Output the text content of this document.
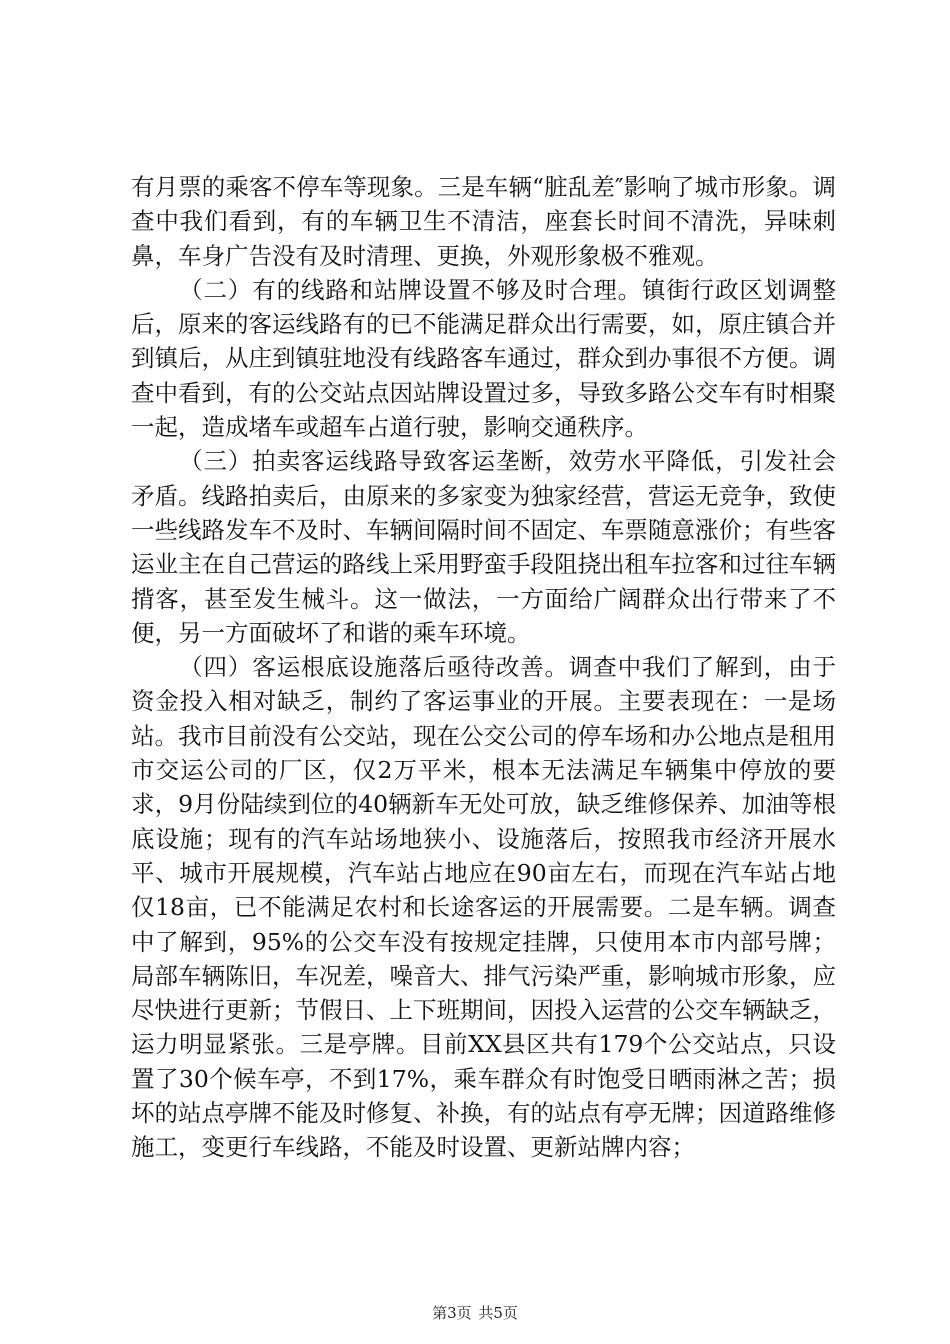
有月票的乘客不停车等现象。三是车辆“脏乱差″影响了城市形象。调查中我们看到，有的车辆卫生不清洁，座套长时间不清洗，异味刺鼻，车身广告没有及时清理、更换，外观形象极不雅观。

（二）有的线路和站牌设置不够及时合理。镇街行政区划调整后，原来的客运线路有的已不能满足群众出行需要，如，原庄镇合并到镇后，从庄到镇驻地没有线路客车通过，群众到办事很不方便。调查中看到，有的公交站点因站牌设置过多，导致多路公交车有时相聚一起，造成堵车或超车占道行驶，影响交通秩序。

（三）拍卖客运线路导致客运垄断，效劳水平降低，引发社会矛盾。线路拍卖后，由原来的多家变为独家经营，营运无竞争，致使一些线路发车不及时、车辆间隔时间不固定、车票随意涨价；有些客运业主在自己营运的路线上采用野蛮手段阻挠出租车拉客和过往车辆揹客，甚至发生械斗。这一做法，一方面给广阔群众出行带来了不便，另一方面破坏了和谐的乘车环境。

（四）客运根底设施落后亟待改善。调查中我们了解到，由于资金投入相对缺乏，制约了客运事业的开展。主要表现在：一是场站。我市目前没有公交站，现在公交公司的停车场和办公地点是租用市交运公司的厂区，仅2万平米，根本无法满足车辆集中停放的要求，9月份陆续到位的40辆新车无处可放，缺乏维修保养、加油等根底设施；现有的汽车站场地狭小、设施落后，按照我市经济开展水平、城市开展规模，汽车站占地应在90亩左右，而现在汽车站占地仅18亩，已不能满足农村和长途客运的开展需要。二是车辆。调查中了解到，95%的公交车没有按规定挂牌，只使用本市内部号牌；局部车辆陈旧，车况差，噪音大、排气污染严重，影响城市形象，应尽快进行更新；节假日、上下班期间，因投入运营的公交车辆缺乏，运力明显紧张。三是亭牌。目前XX县区共有179个公交站点，只设置了30个候车亭，不到17%，乘车群众有时饱受日晒雨淋之苦；损坏的站点亭牌不能及时修复、补换，有的站点有亭无牌；因道路维修施工，变更行车线路，不能及时设置、更新站牌内容；

第3页 共5页
